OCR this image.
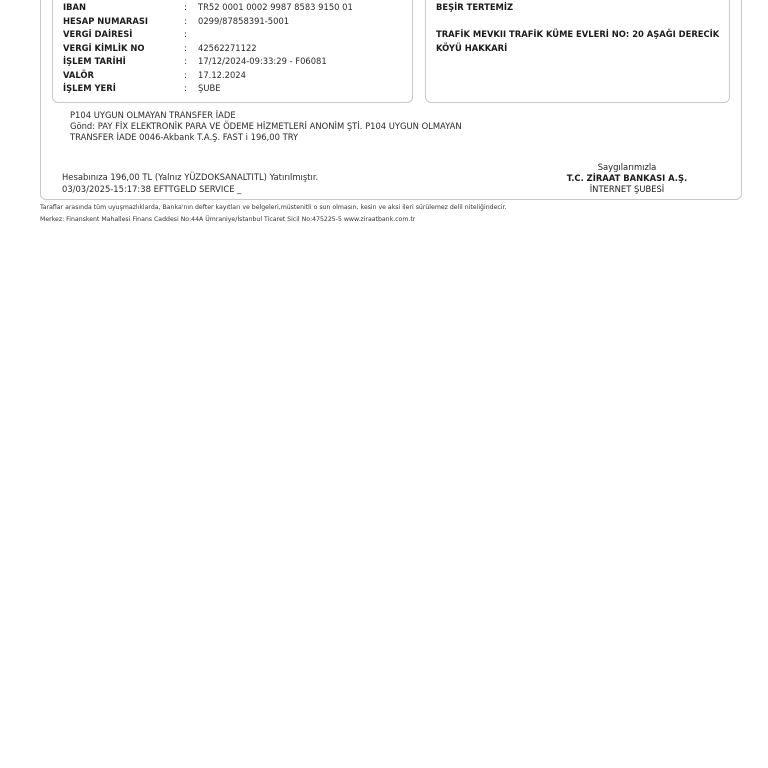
IBAN	:	TR52 0001 0002 9987 8583 9150 01
HESAP NUMARASI	:	0299/87858391-5001
VERGİ DAİRESİ	:
VERGİ KİMLİK NO	:	42562271122
İŞLEM TARİHİ	:	17/12/2024-09:33:29 - F06081
VALÖR	:	17.12.2024
İŞLEM YERİ	:	ŞUBE
BEŞİR TERTEMİZ
TRAFİK MEVKII TRAFİK KÜME EVLERİ NO: 20 AŞAĞI DERECİK
KÖYÜ HAKKARİ
P104 UYGUN OLMAYAN TRANSFER İADE
Gönd: PAY FİX ELEKTRONİK PARA VE ÖDEME HİZMETLERİ ANONİM ŞTİ. P104 UYGUN OLMAYAN
TRANSFER İADE 0046-Akbank T.A.Ş. FAST i 196,00 TRY
Hesabınıza 196,00 TL (Yalnız YÜZDOKSANALTITL) Yatırılmıştır.
03/03/2025-15:17:38 EFTTGELD SERVICE _
Saygılarımızla
T.C. ZİRAAT BANKASI A.Ş.
İNTERNET ŞUBESİ
Taraflar arasında tüm uyuşmazlıklarda, Banka'nın defter kayıtları ve belgeleri,müstenitli o sun olmasın, kesin ve aksi ileri sürülemez delil niteliğindecir.
Merkez: Finanskent Mahallesi Finans Caddesi No:44A Ümraniye/İstanbul Ticaret Sicil No:475225-5 www.ziraatbank.com.tr
